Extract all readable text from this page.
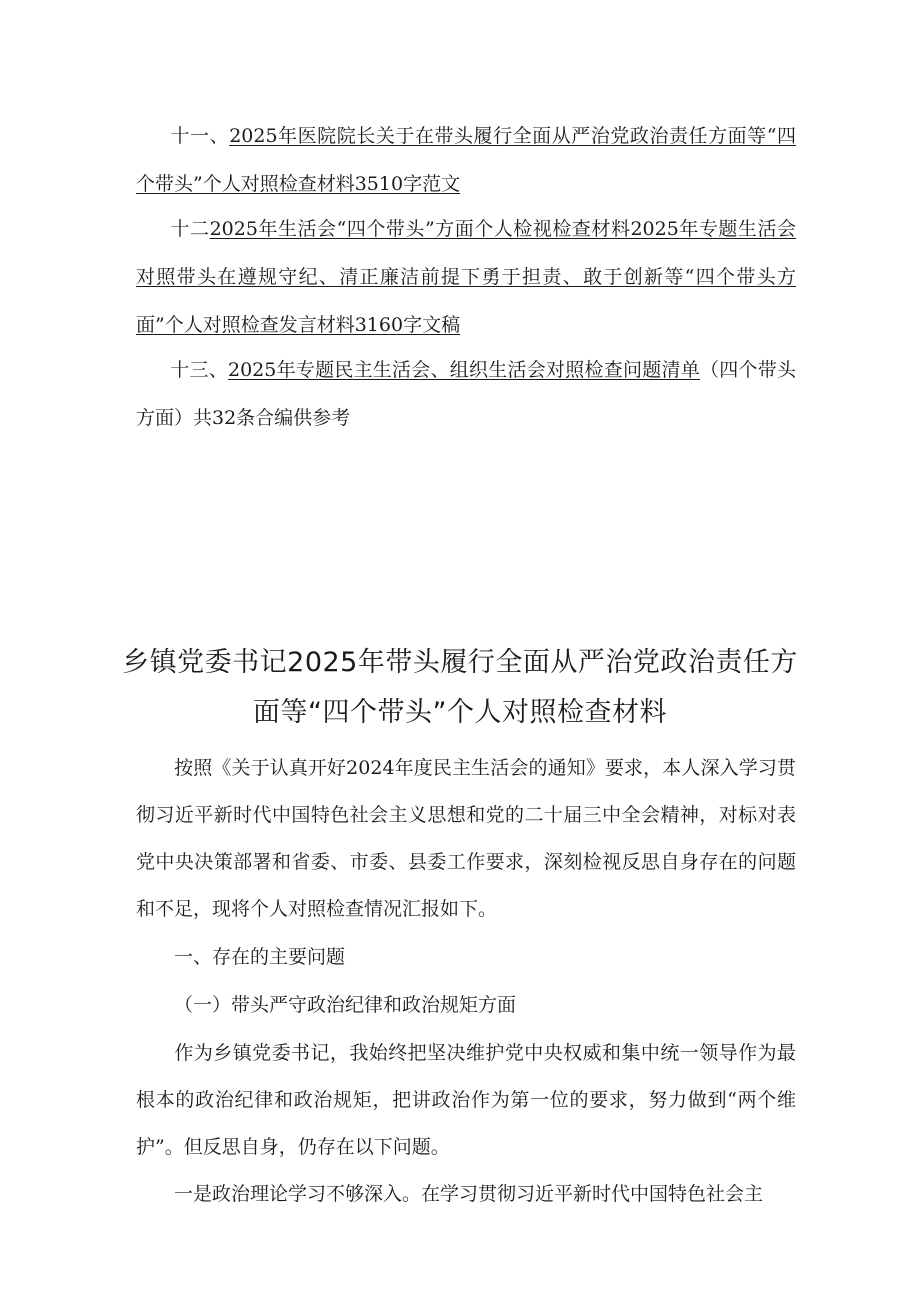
十一、2025年医院院长关于在带头履行全面从严治党政治责任方面等“四个带头”个人对照检查材料3510字范文
十二2025年生活会“四个带头”方面个人检视检查材料2025年专题生活会对照带头在遵规守纪、清正廉洁前提下勇于担责、敢于创新等“四个带头方面”个人对照检查发言材料3160字文稿
十三、2025年专题民主生活会、组织生活会对照检查问题清单（四个带头方面）共32条合编供参考
乡镇党委书记2025年带头履行全面从严治党政治责任方面等“四个带头”个人对照检查材料
按照《关于认真开好2024年度民主生活会的通知》要求，本人深入学习贯彻习近平新时代中国特色社会主义思想和党的二十届三中全会精神，对标对表党中央决策部署和省委、市委、县委工作要求，深刻检视反思自身存在的问题和不足，现将个人对照检查情况汇报如下。
一、存在的主要问题
（一）带头严守政治纪律和政治规矩方面
作为乡镇党委书记，我始终把坚决维护党中央权威和集中统一领导作为最根本的政治纪律和政治规矩，把讲政治作为第一位的要求，努力做到“两个维护”。但反思自身，仍存在以下问题。
一是政治理论学习不够深入。在学习贯彻习近平新时代中国特色社会主
